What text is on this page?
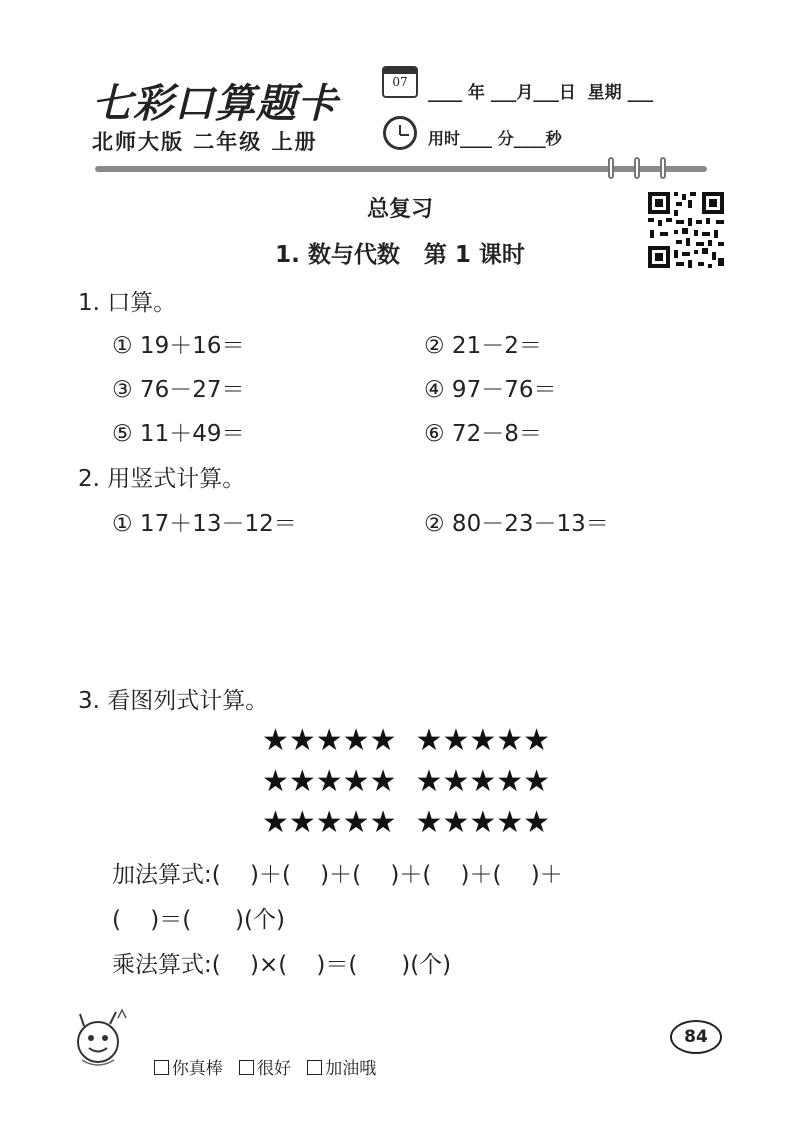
七彩口算题卡
北师大版 二年级 上册
07
____ 年 ___月___日  星期 ___
用时____ 分____秒
总复习
1. 数与代数   第 1 课时
1. 口算。
① 19＋16＝	② 21－2＝
③ 76－27＝	④ 97－76＝
⑤ 11＋49＝	⑥ 72－8＝
2. 用竖式计算。
① 17＋13－12＝	② 80－23－13＝
3. 看图列式计算。
★★★★★  ★★★★★
★★★★★  ★★★★★
★★★★★  ★★★★★
加法算式:(    )＋(    )＋(    )＋(    )＋(    )＋
(    )＝(      )(个)
乘法算式:(    )×(    )＝(      )(个)

你真棒 很好 加油哦

84
